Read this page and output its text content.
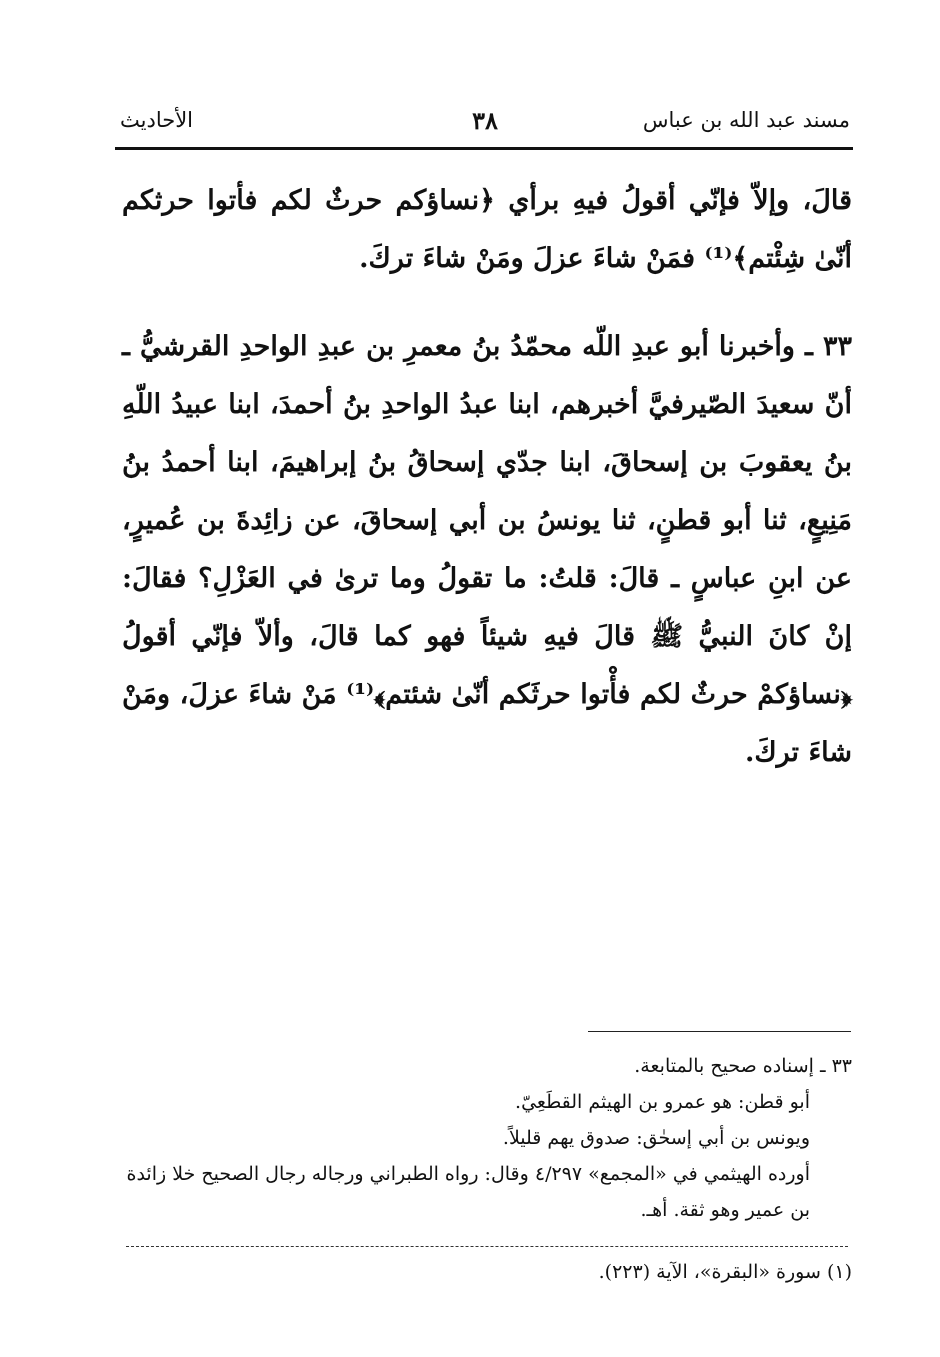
مسند عبد الله بن عباس
٣٨
الأحاديث

قالَ، وإلاّ فإنّي أقولُ فيهِ برأي ﴿نساؤكم حرثٌ لكم فأتوا حرثكم أنّىٰ شِئْتم﴾⁽¹⁾ فمَنْ شاءَ عزلَ ومَنْ شاءَ تركَ.

٣٣ ـ وأخبرنا أبو عبدِ اللّه محمّدُ بنُ معمرِ بن عبدِ الواحدِ القرشيُّ ـ أنّ سعيدَ الصّيرفيَّ أخبرهم، ابنا عبدُ الواحدِ بنُ أحمدَ، ابنا عبيدُ اللّهِ بنُ يعقوبَ بن إسحاقَ، ابنا جدّي إسحاقُ بنُ إبراهيمَ، ابنا أحمدُ بنُ مَنِيعٍ، ثنا أبو قطنٍ، ثنا يونسُ بن أبي إسحاقَ، عن زائِدةَ بن عُميرٍ، عن ابنِ عباسٍ ـ قالَ: قلتُ: ما تقولُ وما ترىٰ في العَزْلِ؟ فقالَ: إنْ كانَ النبيُّ ﷺ قالَ فيهِ شيئاً فهو كما قالَ، وألاّ فإنّي أقولُ ﴿نساؤكمْ حرثٌ لكم فأْتوا حرثَكم أنّىٰ شئتم﴾⁽¹⁾ مَنْ شاءَ عزلَ، ومَنْ شاءَ تركَ.

٣٣ ـ إسناده صحيح بالمتابعة.

أبو قطن: هو عمرو بن الهيثم القطَعِيّ.

ويونس بن أبي إسحٰق: صدوق يهم قليلاً.

أورده الهيثمي في «المجمع» ٤/٢٩٧ وقال: رواه الطبراني ورجاله رجال الصحيح خلا زائدة بن عمير وهو ثقة. أهـ.

(١) سورة «البقرة»، الآية (٢٢٣).
